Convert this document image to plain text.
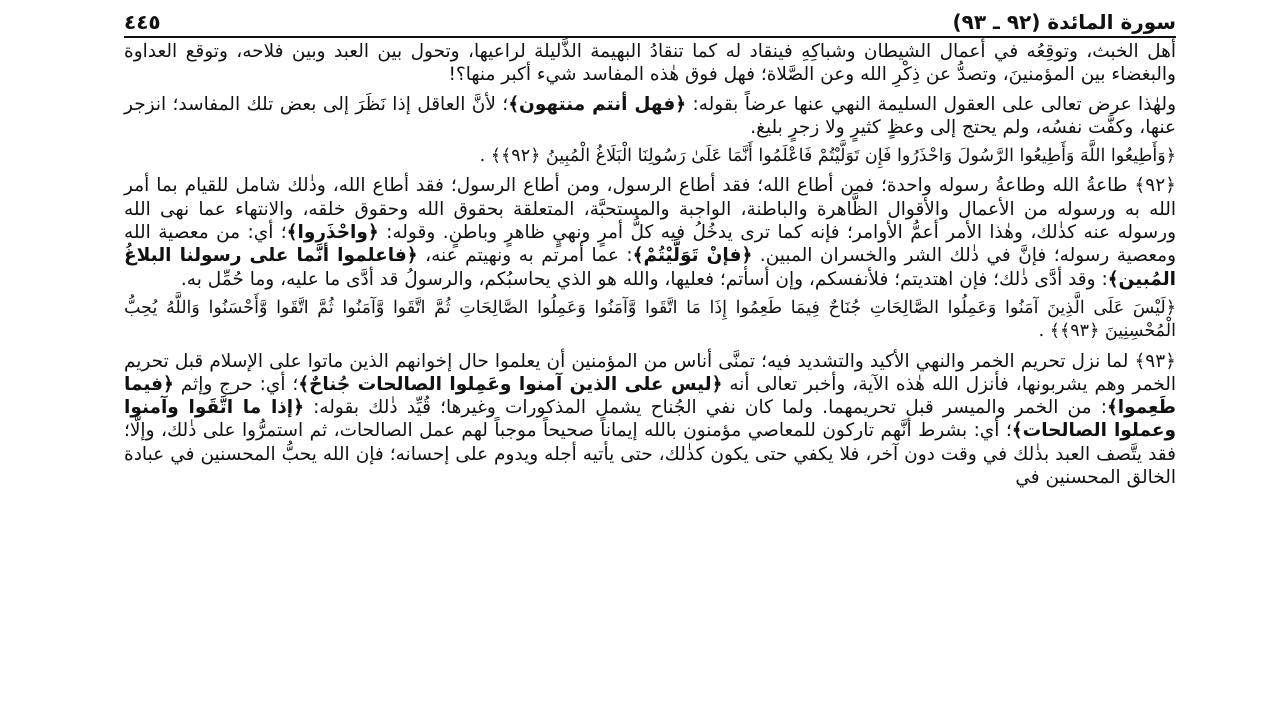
سورة المائدة (٩٢ ـ ٩٣)
٤٤٥

أهل الخبث، وتوقِعُه في أعمال الشيطان وشباكِهِ فينقاد له كما تنقادُ البهيمة الذَّليلة لراعيها، وتحول بين العبد وبين فلاحه، وتوقع العداوة والبغضاء بين المؤمنينَ، وتصدُّ عن ذِكْرِ الله وعن الصَّلاة؛ فهل فوق هٰذه المفاسد شيء أكبر منها؟!

ولهٰذا عرض تعالى على العقول السليمة النهي عنها عرضاً بقوله: ﴿فهل أنتم منتهون﴾؛ لأنَّ العاقل إذا نَظَرَ إلى بعض تلك المفاسد؛ انزجر عنها، وكفَّت نفسُه، ولم يحتج إلى وعظٍ كثيرٍ ولا زجرٍ بليغ.

﴿وَأَطِيعُوا اللَّهَ وَأَطِيعُوا الرَّسُولَ وَاحْذَرُوا فَإِن تَوَلَّيْتُمْ فَاعْلَمُوا أَنَّمَا عَلَىٰ رَسُولِنَا الْبَلَاغُ الْمُبِينُ ﴿٩٢﴾﴾ .

﴿٩٢﴾ طاعةُ الله وطاعةُ رسوله واحدة؛ فمن أطاع الله؛ فقد أطاع الرسول، ومن أطاع الرسول؛ فقد أطاع الله، وذٰلك شامل للقيام بما أمر الله به ورسوله من الأعمال والأقوال الظَّاهرة والباطنة، الواجبة والمستحبَّة، المتعلقة بحقوق الله وحقوق خلقه، والانتهاء عما نهى الله ورسوله عنه كذٰلك، وهٰذا الأمر أعمُّ الأوامر؛ فإنه كما ترى يدخُلُ فيه كلُّ أمرٍ ونهيٍ ظاهرٍ وباطنٍ. وقوله: ﴿واحْذَروا﴾؛ أي: من معصية الله ومعصية رسوله؛ فإنَّ في ذٰلك الشر والخسران المبين. ﴿فإنْ تَوَلَّيْتُمْ﴾: عما أمرتم به ونهيتم عنه، ﴿فاعلموا أنَّما على رسولنا البلاغُ المُبين﴾: وقد أدَّى ذٰلك؛ فإن اهتديتم؛ فلأنفسكم، وإن أسأتم؛ فعليها، والله هو الذي يحاسبُكم، والرسولُ قد أدَّى ما عليه، وما حُمِّل به.

﴿لَيْسَ عَلَى الَّذِينَ آمَنُوا وَعَمِلُوا الصَّالِحَاتِ جُنَاحٌ فِيمَا طَعِمُوا إِذَا مَا اتَّقَوا وَّآمَنُوا وَعَمِلُوا الصَّالِحَاتِ ثُمَّ اتَّقَوا وَّآمَنُوا ثُمَّ اتَّقَوا وَّأَحْسَنُوا وَاللَّهُ يُحِبُّ الْمُحْسِنِينَ ﴿٩٣﴾﴾ .

﴿٩٣﴾ لما نزل تحريم الخمر والنهي الأكيد والتشديد فيه؛ تمنَّى أناس من المؤمنين أن يعلموا حال إخوانهم الذين ماتوا على الإسلام قبل تحريم الخمر وهم يشربونها، فأنزل الله هٰذه الآية، وأخبر تعالى أنه ﴿ليس على الذين آمنوا وعَمِلوا الصالحات جُناحٌ﴾؛ أي: حرج وإثم ﴿فيما طَعِموا﴾: من الخمر والميسر قبل تحريمهما. ولما كان نفي الجُناح يشمل المذكورات وغيرها؛ قُيِّد ذٰلك بقوله: ﴿إذا ما اتَّقَوا وآمنوا وعملوا الصالحات﴾؛ أي: بشرط أنَّهم تاركون للمعاصي مؤمنون بالله إيماناً صحيحاً موجباً لهم عمل الصالحات، ثم استمرُّوا على ذٰلك، وإلَّا؛ فقد يتَّصف العبد بذٰلك في وقت دون آخر، فلا يكفي حتى يكون كذٰلك، حتى يأتيه أجله ويدوم على إحسانه؛ فإن الله يحبُّ المحسنين في عبادة الخالق المحسنين في
